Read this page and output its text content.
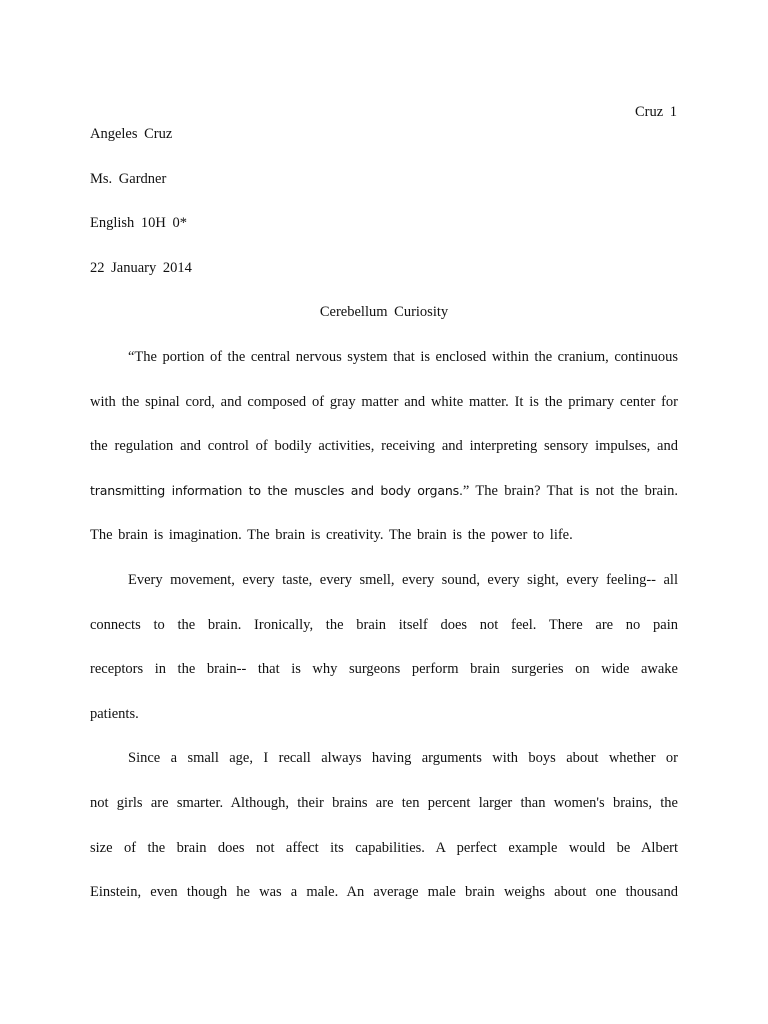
Cruz 1
Angeles Cruz
Ms. Gardner
English 10H 0*
22 January 2014
Cerebellum Curiosity
“The portion of the central nervous system that is enclosed within the cranium, continuous
with the spinal cord, and composed of gray matter and white matter. It is the primary center for
the regulation and control of bodily activities, receiving and interpreting sensory impulses, and
transmitting information to the muscles and body organs.” The brain? That is not the brain.
The brain is imagination. The brain is creativity. The brain is the power to life.
Every movement, every taste, every smell, every sound, every sight, every feeling-- all
connects to the brain. Ironically, the brain itself does not feel. There are no pain
receptors in the brain-- that is why surgeons perform brain surgeries on wide awake
patients.
Since a small age, I recall always having arguments with boys about whether or
not girls are smarter. Although, their brains are ten percent larger than women's brains, the
size of the brain does not affect its capabilities. A perfect example would be Albert
Einstein, even though he was a male. An average male brain weighs about one thousand
